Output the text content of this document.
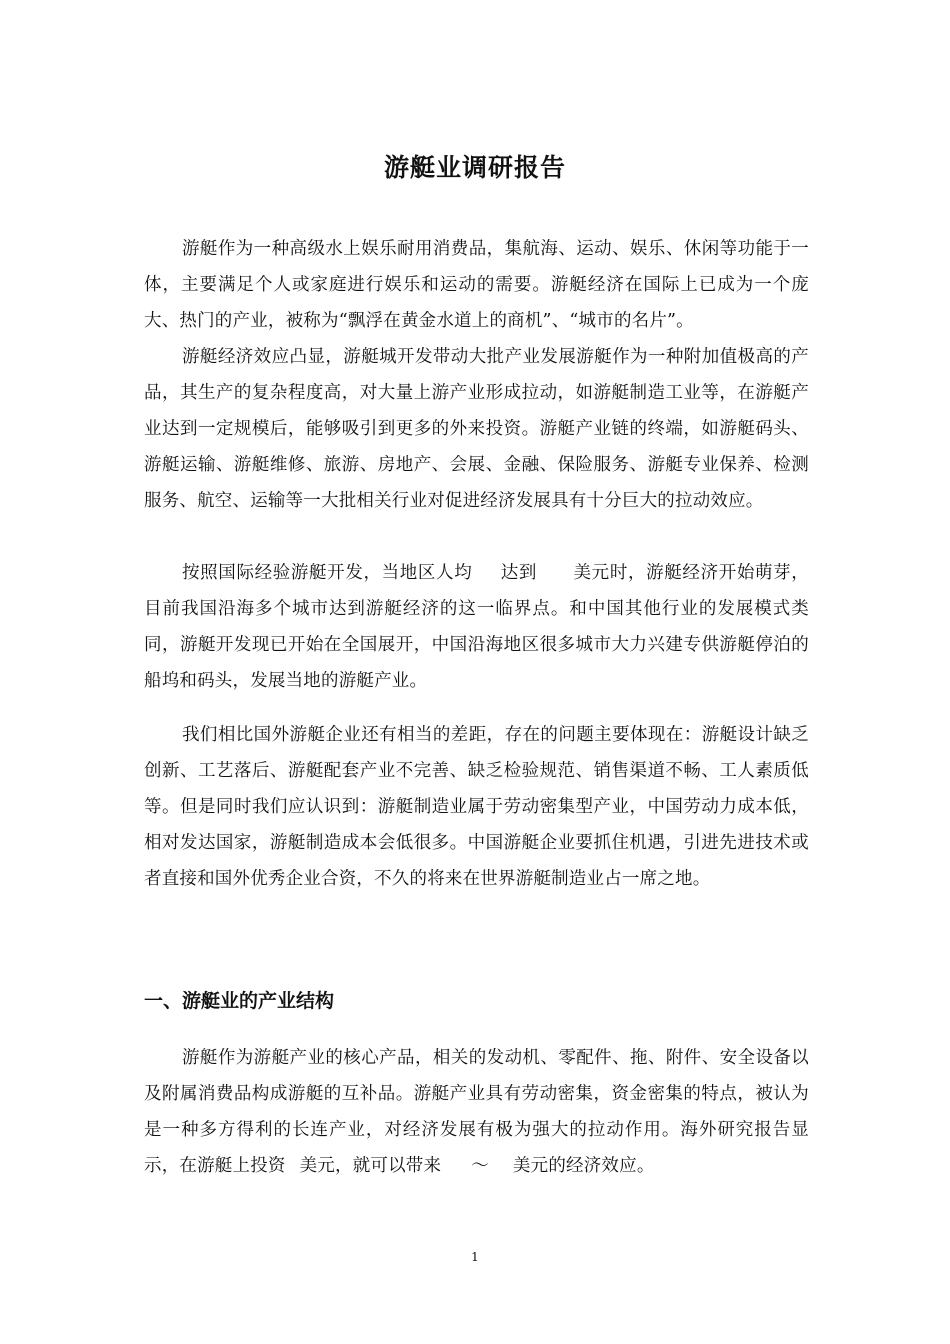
游艇业调研报告

游艇作为一种高级水上娱乐耐用消费品，集航海、运动、娱乐、休闲等功能于一体，主要满足个人或家庭进行娱乐和运动的需要。游艇经济在国际上已成为一个庞大、热门的产业，被称为“飘浮在黄金水道上的商机”、“城市的名片”。

游艇经济效应凸显，游艇城开发带动大批产业发展游艇作为一种附加值极高的产品，其生产的复杂程度高，对大量上游产业形成拉动，如游艇制造工业等，在游艇产业达到一定规模后，能够吸引到更多的外来投资。游艇产业链的终端，如游艇码头、游艇运输、游艇维修、旅游、房地产、会展、金融、保险服务、游艇专业保养、检测服务、航空、运输等一大批相关行业对促进经济发展具有十分巨大的拉动效应。

按照国际经验游艇开发，当地区人均 达到 美元时，游艇经济开始萌芽，目前我国沿海多个城市达到游艇经济的这一临界点。和中国其他行业的发展模式类同，游艇开发现已开始在全国展开，中国沿海地区很多城市大力兴建专供游艇停泊的船坞和码头，发展当地的游艇产业。

我们相比国外游艇企业还有相当的差距，存在的问题主要体现在：游艇设计缺乏创新、工艺落后、游艇配套产业不完善、缺乏检验规范、销售渠道不畅、工人素质低等。但是同时我们应认识到：游艇制造业属于劳动密集型产业，中国劳动力成本低，相对发达国家，游艇制造成本会低很多。中国游艇企业要抓住机遇，引进先进技术或者直接和国外优秀企业合资，不久的将来在世界游艇制造业占一席之地。

一、游艇业的产业结构

游艇作为游艇产业的核心产品，相关的发动机、零配件、拖、附件、安全设备以及附属消费品构成游艇的互补品。游艇产业具有劳动密集，资金密集的特点，被认为是一种多方得利的长连产业，对经济发展有极为强大的拉动作用。海外研究报告显示，在游艇上投资 美元，就可以带来 ～ 美元的经济效应。

1
